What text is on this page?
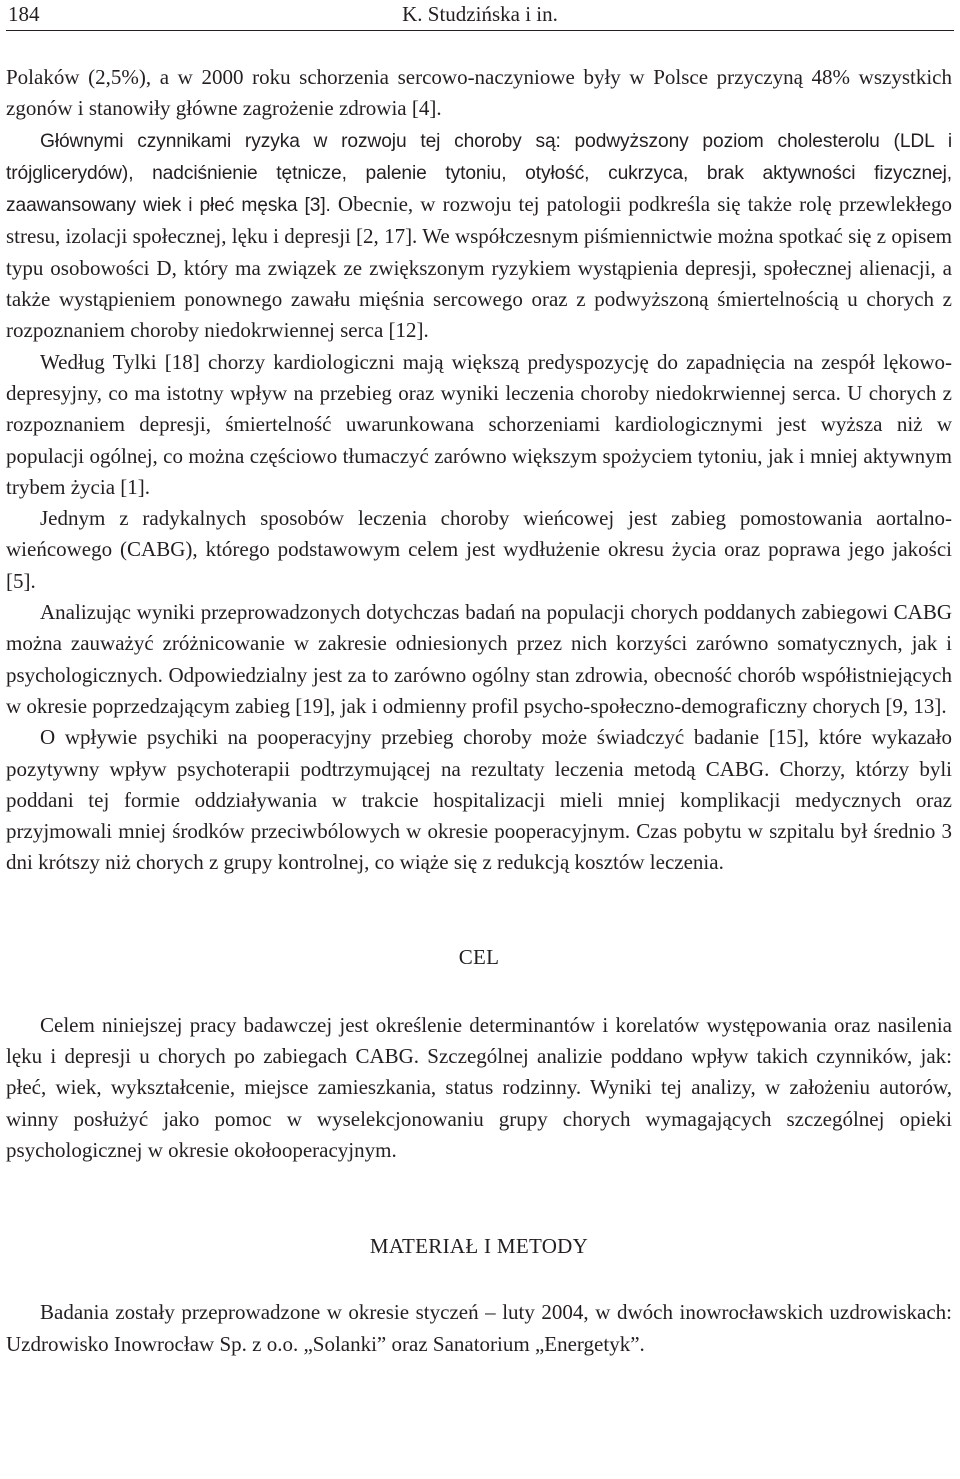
184	K. Studzińska i in.

Polaków (2,5%), a w 2000 roku schorzenia sercowo-naczyniowe były w Polsce przyczyną 48% wszystkich zgonów i stanowiły główne zagrożenie zdrowia [4].

Głównymi czynnikami ryzyka w rozwoju tej choroby są: podwyższony poziom cholesterolu (LDL i trójglicerydów), nadciśnienie tętnicze, palenie tytoniu, otyłość, cukrzyca, brak aktywności fizycznej, zaawansowany wiek i płeć męska [3]. Obecnie, w rozwoju tej patologii podkreśla się także rolę przewlekłego stresu, izolacji społecznej, lęku i depresji [2, 17]. We współczesnym piśmiennictwie można spotkać się z opisem typu osobowości D, który ma związek ze zwiększonym ryzykiem wystąpienia depresji, społecznej alienacji, a także wystąpieniem ponownego zawału mięśnia sercowego oraz z podwyższoną śmiertelnością u chorych z rozpoznaniem choroby niedokrwiennej serca [12].

Według Tylki [18] chorzy kardiologiczni mają większą predyspozycję do zapadnięcia na zespół lękowo-depresyjny, co ma istotny wpływ na przebieg oraz wyniki leczenia choroby niedokrwiennej serca. U chorych z rozpoznaniem depresji, śmiertelność uwarunkowana schorzeniami kardiologicznymi jest wyższa niż w populacji ogólnej, co można częściowo tłumaczyć zarówno większym spożyciem tytoniu, jak i mniej aktywnym trybem życia [1].

Jednym z radykalnych sposobów leczenia choroby wieńcowej jest zabieg pomostowania aortalno-wieńcowego (CABG), którego podstawowym celem jest wydłużenie okresu życia oraz poprawa jego jakości [5].

Analizując wyniki przeprowadzonych dotychczas badań na populacji chorych poddanych zabiegowi CABG można zauważyć zróżnicowanie w zakresie odniesionych przez nich korzyści zarówno somatycznych, jak i psychologicznych. Odpowiedzialny jest za to zarówno ogólny stan zdrowia, obecność chorób współistniejących w okresie poprzedzającym zabieg [19], jak i odmienny profil psycho-społeczno-demograficzny chorych [9, 13].

O wpływie psychiki na pooperacyjny przebieg choroby może świadczyć badanie [15], które wykazało pozytywny wpływ psychoterapii podtrzymującej na rezultaty leczenia metodą CABG. Chorzy, którzy byli poddani tej formie oddziaływania w trakcie hospitalizacji mieli mniej komplikacji medycznych oraz przyjmowali mniej środków przeciwbólowych w okresie pooperacyjnym. Czas pobytu w szpitalu był średnio 3 dni krótszy niż chorych z grupy kontrolnej, co wiąże się z redukcją kosztów leczenia.

CEL

Celem niniejszej pracy badawczej jest określenie determinantów i korelatów występowania oraz nasilenia lęku i depresji u chorych po zabiegach CABG. Szczególnej analizie poddano wpływ takich czynników, jak: płeć, wiek, wykształcenie, miejsce zamieszkania, status rodzinny. Wyniki tej analizy, w założeniu autorów, winny posłużyć jako pomoc w wyselekcjonowaniu grupy chorych wymagających szczególnej opieki psychologicznej w okresie okołooperacyjnym.

MATERIAŁ I METODY

Badania zostały przeprowadzone w okresie styczeń – luty 2004, w dwóch inowrocławskich uzdrowiskach: Uzdrowisko Inowrocław Sp. z o.o. „Solanki” oraz Sanatorium „Energetyk”.
